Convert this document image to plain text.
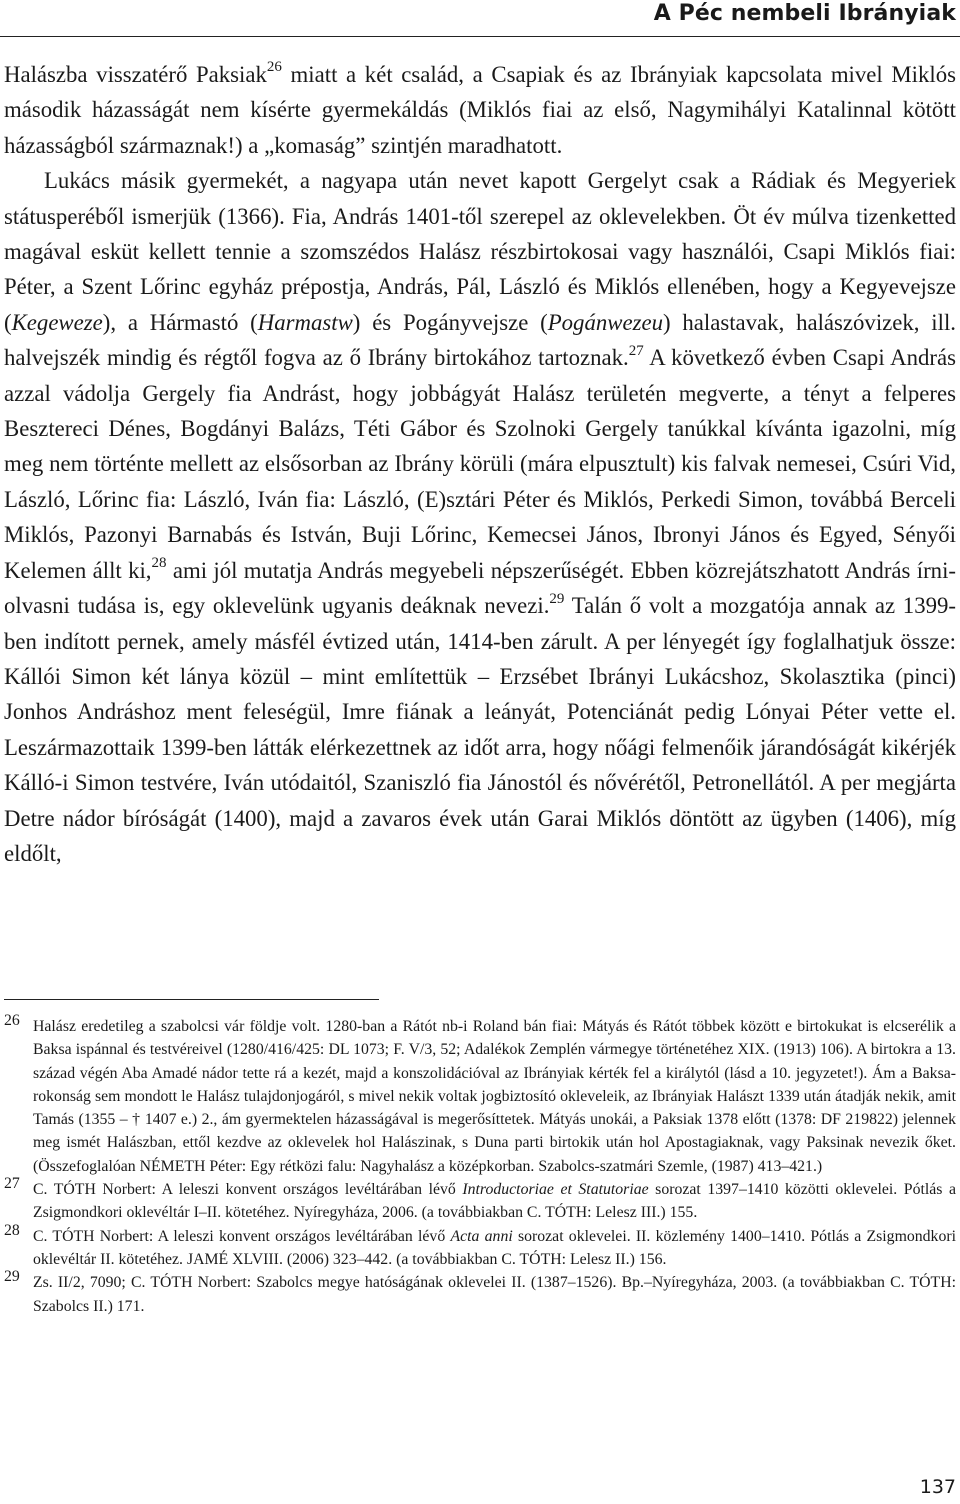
A Péc nembeli Ibrányiak

Halászba visszatérő Paksiak$^{26}$ miatt a két család, a Csapiak és az Ibrányiak kapcsolata mivel Miklós második házasságát nem kísérte gyermekáldás (Miklós fiai az első, Nagymihályi Katalinnal kötött házasságból származnak!) a „komaság” szintjén maradhatott.

Lukács másik gyermekét, a nagyapa után nevet kapott Gergelyt csak a Rádiak és Megyeriek státusperéből ismerjük (1366). Fia, András 1401-től szerepel az oklevelekben. Öt év múlva tizenketted magával esküt kellett tennie a szomszédos Halász részbirtokosai vagy használói, Csapi Miklós fiai: Péter, a Szent Lőrinc egyház prépostja, András, Pál, László és Miklós ellenében, hogy a Kegyevejsze (Kegeweze), a Hármastó (Harmastw) és Pogányvejsze (Pogánwezeu) halastavak, halászóvizek, ill. halvejszék mindig és régtől fogva az ő Ibrány birtokához tartoznak.$^{27}$ A következő évben Csapi András azzal vádolja Gergely fia Andrást, hogy jobbágyát Halász területén megverte, a tényt a felperes Besztereci Dénes, Bogdányi Balázs, Téti Gábor és Szolnoki Gergely tanúkkal kívánta igazolni, míg meg nem történte mellett az elsősorban az Ibrány körüli (mára elpusztult) kis falvak nemesei, Csúri Vid, László, Lőrinc fia: László, Iván fia: László, (E)sztári Péter és Miklós, Perkedi Simon, továbbá Berceli Miklós, Pazonyi Barnabás és István, Buji Lőrinc, Kemecsei János, Ibronyi János és Egyed, Sényői Kelemen állt ki,$^{28}$ ami jól mutatja András megyebeli népszerűségét. Ebben közrejátszhatott András írni-olvasni tudása is, egy oklevelünk ugyanis deáknak nevezi.$^{29}$ Talán ő volt a mozgatója annak az 1399-ben indított pernek, amely másfél évtized után, 1414-ben zárult. A per lényegét így foglalhatjuk össze: Kállói Simon két lánya közül – mint említettük – Erzsébet Ibrányi Lukácshoz, Skolasztika (pinci) Jonhos Andráshoz ment feleségül, Imre fiának a leányát, Potenciánát pedig Lónyai Péter vette el. Leszármazottaik 1399-ben látták elérkezettnek az időt arra, hogy nőági felmenőik járandóságát kikérjék Kálló-i Simon testvére, Iván utódaitól, Szaniszló fia Jánostól és nővérétől, Petronellától. A per megjárta Detre nádor bíróságát (1400), majd a zavaros évek után Garai Miklós döntött az ügyben (1406), míg eldőlt,

26 Halász eredetileg a szabolcsi vár földje volt. 1280-ban a Rátót nb-i Roland bán fiai: Mátyás és Rátót többek között e birtokukat is elcserélik a Baksa ispánnal és testvéreivel (1280/416/425: DL 1073; F. V/3, 52; Adalékok Zemplén vármegye történetéhez XIX. (1913) 106). A birtokra a 13. század végén Aba Amadé nádor tette rá a kezét, majd a konszolidációval az Ibrányiak kérték fel a királytól (lásd a 10. jegyzetet!). Ám a Baksa-rokonság sem mondott le Halász tulajdonjogáról, s mivel nekik voltak jogbiztosító okleveleik, az Ibrányiak Halászt 1339 után átadják nekik, amit Tamás (1355 – † 1407 e.) 2., ám gyermektelen házasságával is megerősíttetek. Mátyás unokái, a Paksiak 1378 előtt (1378: DF 219822) jelennek meg ismét Halászban, ettől kezdve az oklevelek hol Halászinak, s Duna parti birtokik után hol Apostagiaknak, vagy Paksinak nevezik őket. (Összefoglalóan NÉMETH Péter: Egy rétközi falu: Nagyhalász a középkorban. Szabolcs-szatmári Szemle, (1987) 413–421.)
27 C. TÓTH Norbert: A leleszi konvent országos levéltárában lévő Introductoriae et Statutoriae sorozat 1397–1410 közötti oklevelei. Pótlás a Zsigmondkori oklevéltár I–II. kötetéhez. Nyíregyháza, 2006. (a továbbiakban C. TÓTH: Lelesz III.) 155.
28 C. TÓTH Norbert: A leleszi konvent országos levéltárában lévő Acta anni sorozat oklevelei. II. közlemény 1400–1410. Pótlás a Zsigmondkori oklevéltár II. kötetéhez. JAMÉ XLVIII. (2006) 323–442. (a továbbiakban C. TÓTH: Lelesz II.) 156.
29 Zs. II/2, 7090; C. TÓTH Norbert: Szabolcs megye hatóságának oklevelei II. (1387–1526). Bp.–Nyíregyháza, 2003. (a továbbiakban C. TÓTH: Szabolcs II.) 171.
137
